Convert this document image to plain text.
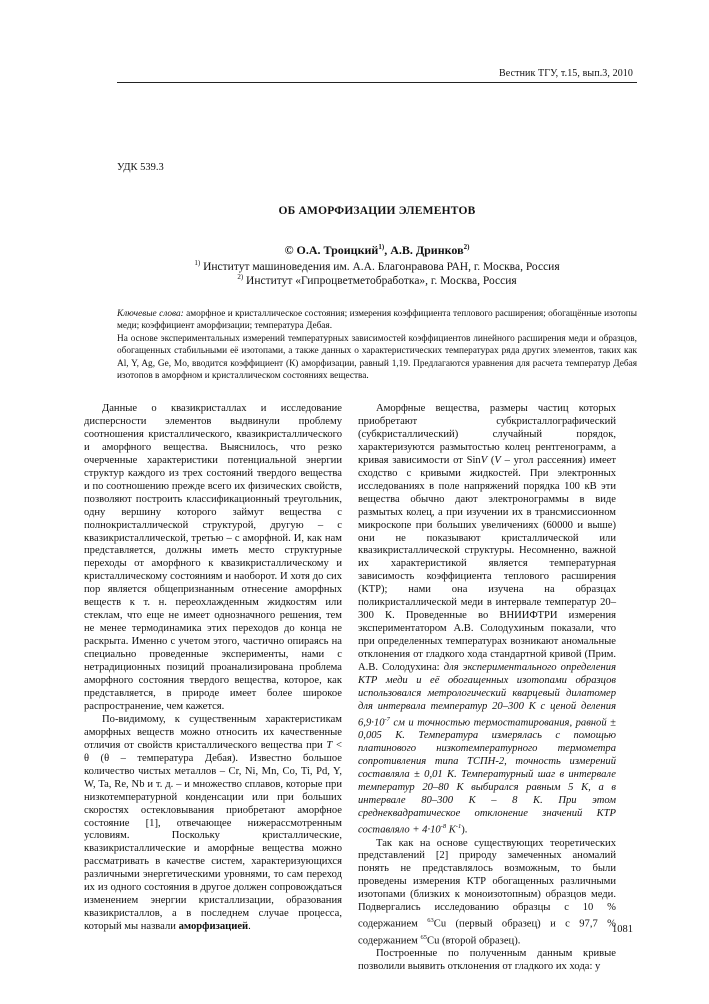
Вестник ТГУ, т.15, вып.3, 2010
УДК 539.3
ОБ АМОРФИЗАЦИИ ЭЛЕМЕНТОВ
© О.А. Троицкий$^{1)}$, А.В. Дринков$^{2)}$
$^{1)}$ Институт машиноведения им. А.А. Благонравова РАН, г. Москва, Россия
$^{2)}$ Институт «Гипроцветметобработка», г. Москва, Россия

Ключевые слова: аморфное и кристаллическое состояния; измерения коэффициента теплового расширения; обогащённые изотопы меди; коэффициент аморфизации; температура Дебая.

На основе экспериментальных измерений температурных зависимостей коэффициентов линейного расширения меди и образцов, обогащенных стабильными её изотопами, а также данных о характеристических температурах ряда других элементов, таких как Al, Y, Ag, Ge, Mo, вводится коэффициент (К) аморфизации, равный 1,19. Предлагаются уравнения для расчета температур Дебая изотопов в аморфном и кристаллическом состояниях вещества.

Данные о квазикристаллах и исследование дисперсности элементов выдвинули проблему соотношения кристаллического, квазикристаллического и аморфного вещества. Выяснилось, что резко очерченные характеристики потенциальной энергии структур каждого из трех состояний твердого вещества и по соотношению прежде всего их физических свойств, позволяют построить классификационный треугольник, одну вершину которого займут вещества с полнокристаллической структурой, другую – с квазикристаллической, третью – с аморфной. И, как нам представляется, должны иметь место структурные переходы от аморфного к квазикристаллическому и кристаллическому состояниям и наоборот. И хотя до сих пор является общепризнанным отнесение аморфных веществ к т. н. переохлажденным жидкостям или стеклам, что еще не имеет однозначного решения, тем не менее термодинамика этих переходов до конца не раскрыта. Именно с учетом этого, частично опираясь на специально проведенные эксперименты, нами с нетрадиционных позиций проанализирована проблема аморфного состояния твердого вещества, которое, как представляется, в природе имеет более широкое распространение, чем кажется.

По-видимому, к существенным характеристикам аморфных веществ можно относить их качественные отличия от свойств кристаллического вещества при T < θ (θ – температура Дебая). Известно большое количество чистых металлов – Cr, Ni, Mn, Co, Ti, Pd, Y, W, Ta, Re, Nb и т. д. – и множество сплавов, которые при низкотемпературной конденсации или при больших скоростях остекловывания приобретают аморфное состояние [1], отвечающее нижерассмотренным условиям. Поскольку кристаллические, квазикристаллические и аморфные вещества можно рассматривать в качестве систем, характеризующихся различными энергетическими уровнями, то сам переход их из одного состояния в другое должен сопровождаться изменением энергии кристаллизации, образования квазикристаллов, а в последнем случае процесса, который мы назвали аморфизацией.

Аморфные вещества, размеры частиц которых приобретают субкристаллографический (субкристаллический) случайный порядок, характеризуются размытостью колец рентгенограмм, а кривая зависимости от SinV (V – угол рассеяния) имеет сходство с кривыми жидкостей. При электронных исследованиях в поле напряжений порядка 100 кВ эти вещества обычно дают электронограммы в виде размытых колец, а при изучении их в трансмиссионном микроскопе при больших увеличениях (60000 и выше) они не показывают кристаллической или квазикристаллической структуры. Несомненно, важной их характеристикой является температурная зависимость коэффициента теплового расширения (КТР); нами она изучена на образцах поликристаллической меди в интервале температур 20–300 К. Проведенные во ВНИИФТРИ измерения экспериментатором А.В. Солодухиным показали, что при определенных температурах возникают аномальные отклонения от гладкого хода стандартной кривой (Прим. А.В. Солодухина: для экспериментального определения КТР меди и её обогащенных изотопами образцов использовался метрологический кварцевый дилатомер для интервала температур 20–300 К с ценой деления $6,9\cdot 10^{-7}$ см и точностью термостатирования, равной ± 0,005 К. Температура измерялась с помощью платинового низкотемпературного термометра сопротивления типа ТСПН-2, точность измерений составляла ± 0,01 К. Температурный шаг в интервале температур 20–80 К выбирался равным 5 К, а в интервале 80–300 К – 8 К. При этом среднеквадратическое отклонение значений КТР составляло + $4\cdot 10^{-8}$ $К^{-1}$).

Так как на основе существующих теоретических представлений [2] природу замеченных аномалий понять не представлялось возможным, то были проведены измерения КТР обогащенных различными изотопами (близких к моноизотопным) образцов меди. Подвергались исследованию образцы с 10 % содержанием $^{63}$Cu (первый образец) и с 97,7 % содержанием $^{65}$Cu (второй образец).

Построенные по полученным данным кривые позволили выявить отклонения от гладкого их хода: у

1081
